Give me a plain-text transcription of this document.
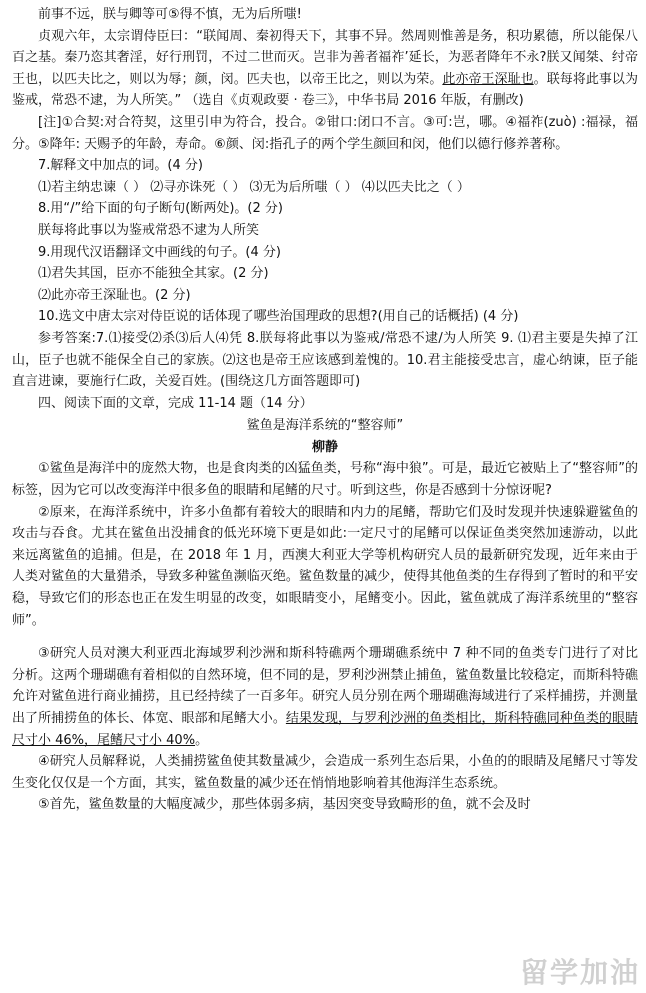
前事不远，朕与卿等可⑤得不慎，无为后所嗤!

贞观六年，太宗谓侍臣曰：“联闻周、秦初得天下，其事不异。然周则惟善是务，积功累德，所以能保八百之基。秦乃恣其奢淫，好行刑罚，不过二世而灭。岂非为善者福祚’延长，为恶者降年不永?朕又闻桀、纣帝王也，以匹夫比之，则以为辱；颜，闵。匹夫也，以帝王比之，则以为荣。此亦帝王深耻也。联每将此事以为鉴戒，常恐不逮，为人所笑。” （选自《贞观政要 · 卷三》，中华书局 2016 年版，有删改)

[注]①合契:对合符契，这里引申为符合，投合。②钳口:闭口不言。③可:岂，哪。④福祚(zuò) :福禄，福分。⑤降年: 天赐予的年龄，寿命。⑥颜、闵:指孔子的两个学生颜回和闵，他们以德行修养著称。

7.解释文中加点的词。(4 分)

⑴若主纳忠谏（ ） ⑵寻亦诛死（ ） ⑶无为后所嗤（ ） ⑷以匹夫比之（ ）

8.用“/”给下面的句子断句(断两处)。(2 分)

朕每将此事以为鉴戒常恐不逮为人所笑

9.用现代汉语翻译文中画线的句子。(4 分)

⑴君失其国，臣亦不能独全其家。(2 分)

⑵此亦帝王深耻也。(2 分)

10.选文中唐太宗对侍臣说的话体现了哪些治国理政的思想?(用自己的话概括) (4 分)

参考答案:7.⑴接受⑵杀⑶后人⑷凭 8.朕每将此事以为鉴戒/常恐不逮/为人所笑 9. ⑴君主要是失掉了江山，臣子也就不能保全自己的家族。⑵这也是帝王应该感到羞愧的。10.君主能接受忠言，虚心纳谏，臣子能直言进谏，要施行仁政，关爱百姓。(围绕这几方面答题即可)

四、阅读下面的文章，完成 11-14 题（14 分）

鲨鱼是海洋系统的“整容师”

柳静

①鲨鱼是海洋中的庞然大物，也是食肉类的凶猛鱼类，号称“海中狼”。可是，最近它被贴上了“整容师”的标签，因为它可以改变海洋中很多鱼的眼睛和尾鳍的尺寸。听到这些，你是否感到十分惊讶呢?

②原来，在海洋系统中，许多小鱼都有着较大的眼睛和内力的尾鳍，帮助它们及时发现并快速躲避鲨鱼的攻击与吞食。尤其在鲨鱼出没捕食的低光环境下更是如此:一定尺寸的尾鳍可以保证鱼类突然加速游动，以此来远离鲨鱼的追捕。但是，在 2018 年 1 月，西澳大利亚大学等机构研究人员的最新研究发现，近年来由于人类对鲨鱼的大量猎杀，导致多种鲨鱼濒临灭绝。鲨鱼数量的减少，使得其他鱼类的生存得到了暂时的和平安稳，导致它们的形态也正在发生明显的改变，如眼睛变小，尾鳍变小。因此，鲨鱼就成了海洋系统里的“整容师”。

③研究人员对澳大利亚西北海域罗利沙洲和斯科特礁两个珊瑚礁系统中 7 种不同的鱼类专门进行了对比分析。这两个珊瑚礁有着相似的自然环境，但不同的是，罗利沙洲禁止捕鱼，鲨鱼数量比较稳定，而斯科特礁允许对鲨鱼进行商业捕捞，且已经持续了一百多年。研究人员分别在两个珊瑚礁海域进行了采样捕捞，并测量出了所捕捞鱼的体长、体宽、眼部和尾鳍大小。结果发现，与罗利沙洲的鱼类相比，斯科特礁同种鱼类的眼睛尺寸小 46%，尾鳍尺寸小 40%。

④研究人员解释说，人类捕捞鲨鱼使其数量减少，会造成一系列生态后果，小鱼的的眼睛及尾鳍尺寸等发生变化仅仅是一个方面，其实，鲨鱼数量的减少还在悄悄地影响着其他海洋生态系统。

⑤首先，鲨鱼数量的大幅度减少，那些体弱多病，基因突变导致畸形的鱼，就不会及时

留学加油
